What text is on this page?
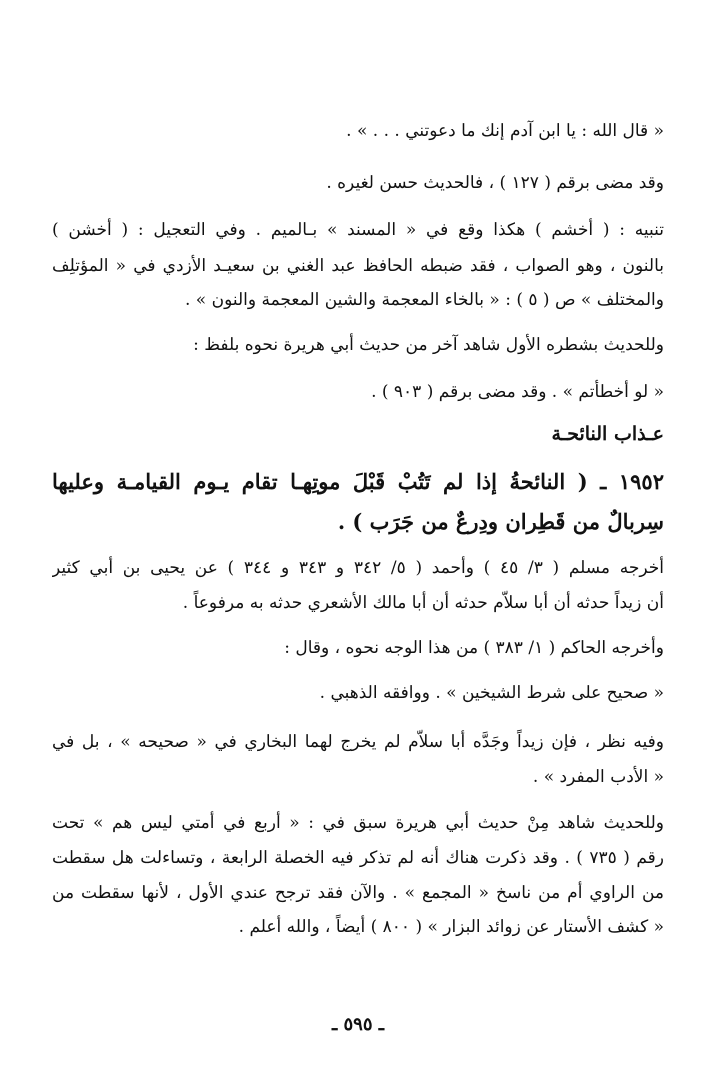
« قال الله : يا ابن آدم إنك ما دعوتني . . . » .
وقد مضى برقم ( ١٢٧ ) ، فالحديث حسن لغيره .
تنبيه : ( أخشم ) هكذا وقع في « المسند » بـالميم . وفي التعجيل : ( أخشن )
بالنون ، وهو الصواب ، فقد ضبطه الحافظ عبد الغني بن سعيـد الأزدي في « المؤتلِف
والمختلف » ص ( ٥ ) : « بالخاء المعجمة والشين المعجمة والنون » .
وللحديث بشطره الأول شاهد آخر من حديث أبي هريرة نحوه بلفظ :
« لو أخطأتم » . وقد مضى برقم ( ٩٠٣ ) .
عـذاب النائحـة
١٩٥٢ ـ ( النائحةُ إذا لم تَتُبْ قَبْلَ موتِهـا تقام يـوم القيامـة وعليها
سِربالٌ من قَطِران ودِرعٌ من جَرَب ) .
أخرجه مسلم ( ٣/ ٤٥ ) وأحمد ( ٥/ ٣٤٢ و ٣٤٣ و ٣٤٤ ) عن يحيى بن أبي كثير
أن زيداً حدثه أن أبا سلاّم حدثه أن أبا مالك الأشعري حدثه به مرفوعاً .
وأخرجه الحاكم ( ١/ ٣٨٣ ) من هذا الوجه نحوه ، وقال :
« صحيح على شرط الشيخين » . ووافقه الذهبي .
وفيه نظر ، فإن زيداً وجَدَّه أبا سلاّم لم يخرج لهما البخاري في « صحيحه » ، بل في
« الأدب المفرد » .
وللحديث شاهد مِنْ حديث أبي هريرة سبق في : « أربع في أمتي ليس هم » تحت
رقم ( ٧٣٥ ) . وقد ذكرت هناك أنه لم تذكر فيه الخصلة الرابعة ، وتساءلت هل سقطت
من الراوي أم من ناسخ « المجمع » . والآن فقد ترجح عندي الأول ، لأنها سقطت من
« كشف الأستار عن زوائد البزار » ( ٨٠٠ ) أيضاً ، والله أعلم .
ـ ٥٩٥ ـ
